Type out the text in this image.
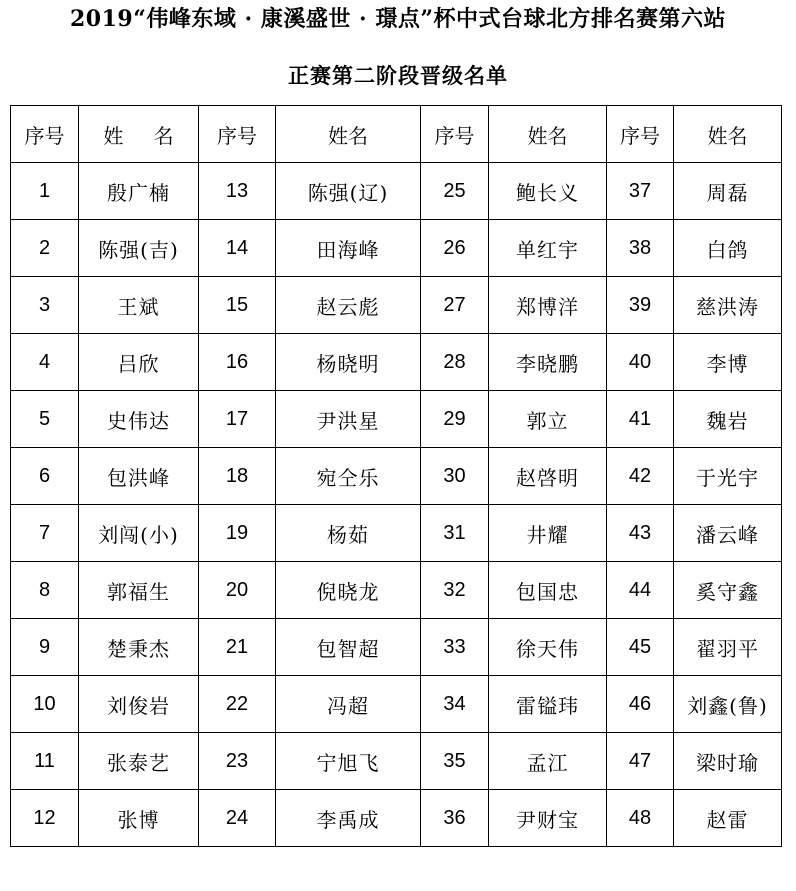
2019“伟峰东域 · 康溪盛世 · 璟点”杯中式台球北方排名赛第六站
正赛第二阶段晋级名单
序号	姓 名	序号	姓名	序号	姓名	序号	姓名
1	殷广楠	13	陈强(辽)	25	鲍长义	37	周磊
2	陈强(吉)	14	田海峰	26	单红宇	38	白鸽
3	王斌	15	赵云彪	27	郑博洋	39	慈洪涛
4	吕欣	16	杨晓明	28	李晓鹏	40	李博
5	史伟达	17	尹洪星	29	郭立	41	魏岩
6	包洪峰	18	宛仝乐	30	赵啓明	42	于光宇
7	刘闯(小)	19	杨茹	31	井耀	43	潘云峰
8	郭福生	20	倪晓龙	32	包国忠	44	奚守鑫
9	楚秉杰	21	包智超	33	徐天伟	45	翟羽平
10	刘俊岩	22	冯超	34	雷镒玮	46	刘鑫(鲁)
11	张泰艺	23	宁旭飞	35	孟江	47	梁时瑜
12	张博	24	李禹成	36	尹财宝	48	赵雷
